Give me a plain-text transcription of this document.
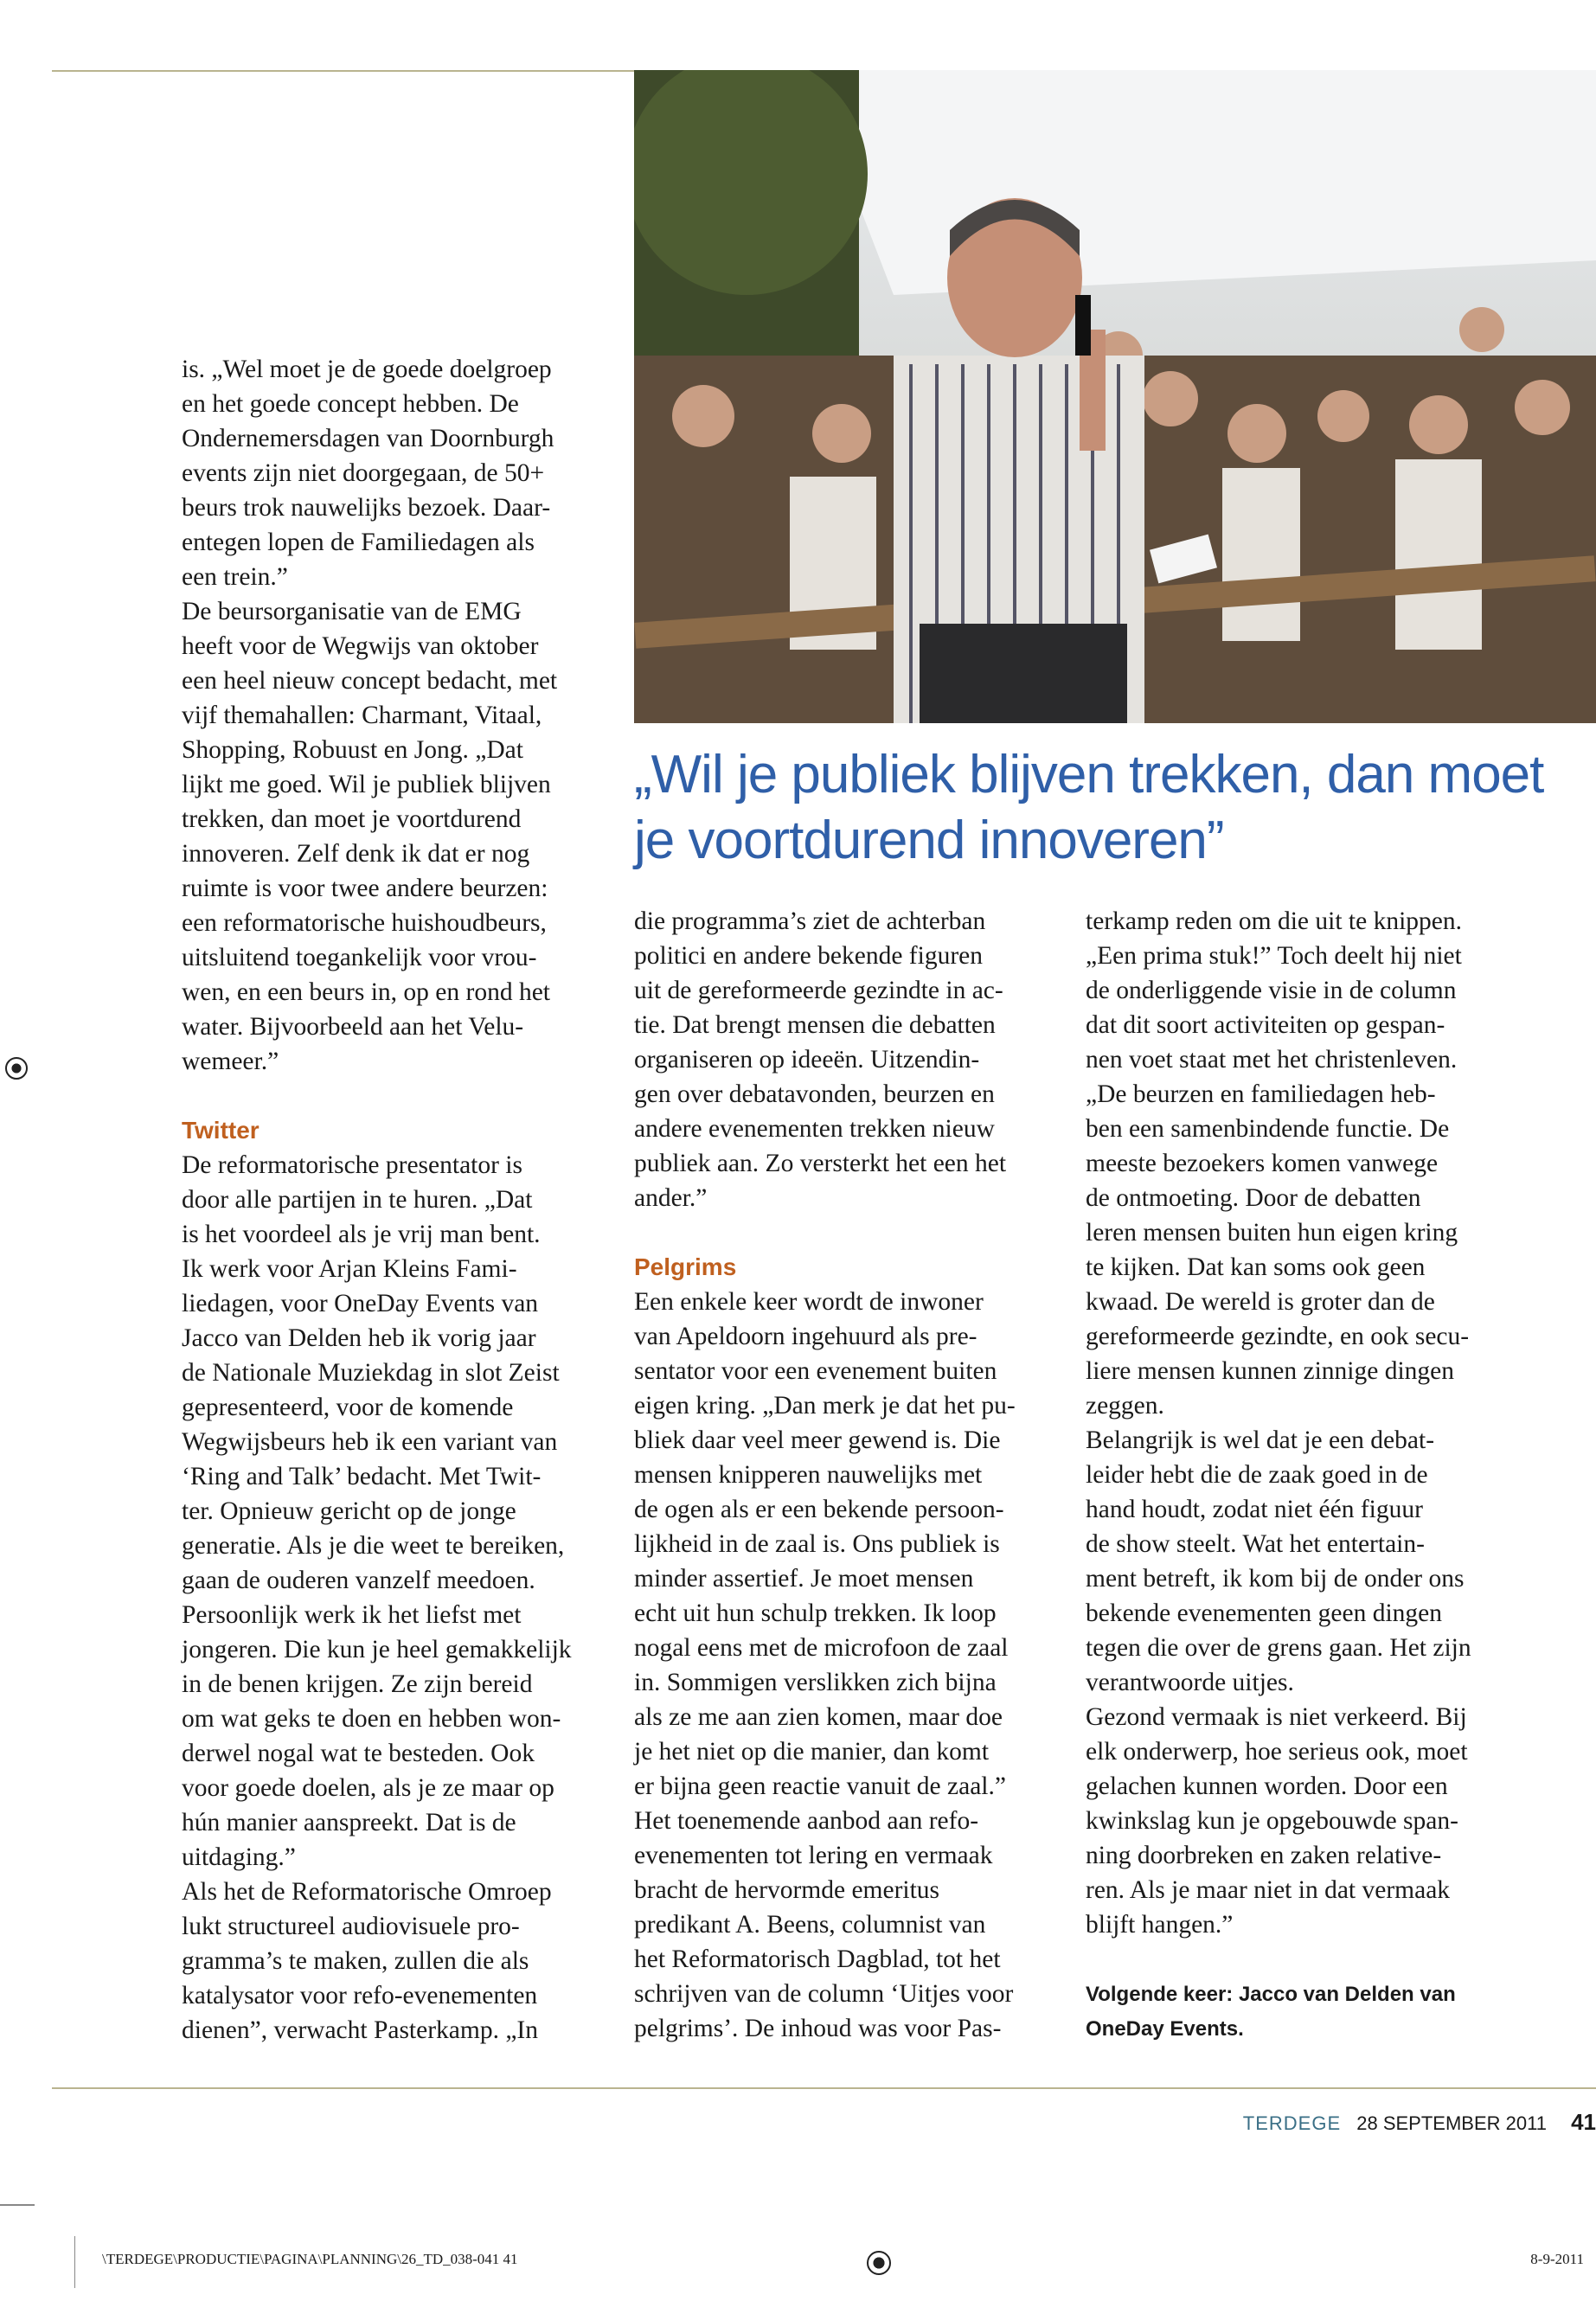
„Wil je publiek blijven trekken, dan moet je voortdurend innoveren”
is. „Wel moet je de goede doelgroep
en het goede concept hebben. De
Ondernemersdagen van Doornburgh
events zijn niet doorgegaan, de 50+
beurs trok nauwelijks bezoek. Daar-
entegen lopen de Familiedagen als
een trein.”
De beursorganisatie van de EMG
heeft voor de Wegwijs van oktober
een heel nieuw concept bedacht, met
vijf themahallen: Charmant, Vitaal,
Shopping, Robuust en Jong. „Dat
lijkt me goed. Wil je publiek blijven
trekken, dan moet je voortdurend
innoveren. Zelf denk ik dat er nog
ruimte is voor twee andere beurzen:
een reformatorische huishoudbeurs,
uitsluitend toegankelijk voor vrou-
wen, en een beurs in, op en rond het
water. Bijvoorbeeld aan het Velu-
wemeer.”
Twitter
De reformatorische presentator is
door alle partijen in te huren. „Dat
is het voordeel als je vrij man bent.
Ik werk voor Arjan Kleins Fami-
liedagen, voor OneDay Events van
Jacco van Delden heb ik vorig jaar
de Nationale Muziekdag in slot Zeist
gepresenteerd, voor de komende
Wegwijsbeurs heb ik een variant van
‘Ring and Talk’ bedacht. Met Twit-
ter. Opnieuw gericht op de jonge
generatie. Als je die weet te bereiken,
gaan de ouderen vanzelf meedoen.
Persoonlijk werk ik het liefst met
jongeren. Die kun je heel gemakkelijk
in de benen krijgen. Ze zijn bereid
om wat geks te doen en hebben won-
derwel nogal wat te besteden. Ook
voor goede doelen, als je ze maar op
hún manier aanspreekt. Dat is de
uitdaging.”
Als het de Reformatorische Omroep
lukt structureel audiovisuele pro-
gramma’s te maken, zullen die als
katalysator voor refo-evenementen
dienen”, verwacht Pasterkamp. „In
die programma’s ziet de achterban
politici en andere bekende figuren
uit de gereformeerde gezindte in ac-
tie. Dat brengt mensen die debatten
organiseren op ideeën. Uitzendin-
gen over debatavonden, beurzen en
andere evenementen trekken nieuw
publiek aan. Zo versterkt het een het
ander.”
Pelgrims
Een enkele keer wordt de inwoner
van Apeldoorn ingehuurd als pre-
sentator voor een evenement buiten
eigen kring. „Dan merk je dat het pu-
bliek daar veel meer gewend is. Die
mensen knipperen nauwelijks met
de ogen als er een bekende persoon-
lijkheid in de zaal is. Ons publiek is
minder assertief. Je moet mensen
echt uit hun schulp trekken. Ik loop
nogal eens met de microfoon de zaal
in. Sommigen verslikken zich bijna
als ze me aan zien komen, maar doe
je het niet op die manier, dan komt
er bijna geen reactie vanuit de zaal.”
Het toenemende aanbod aan refo-
evenementen tot lering en vermaak
bracht de hervormde emeritus
predikant A. Beens, columnist van
het Reformatorisch Dagblad, tot het
schrijven van de column ‘Uitjes voor
pelgrims’. De inhoud was voor Pas-
terkamp reden om die uit te knippen.
„Een prima stuk!” Toch deelt hij niet
de onderliggende visie in de column
dat dit soort activiteiten op gespan-
nen voet staat met het christenleven.
„De beurzen en familiedagen heb-
ben een samenbindende functie. De
meeste bezoekers komen vanwege
de ontmoeting. Door de debatten
leren mensen buiten hun eigen kring
te kijken. Dat kan soms ook geen
kwaad. De wereld is groter dan de
gereformeerde gezindte, en ook secu-
liere mensen kunnen zinnige dingen
zeggen.
Belangrijk is wel dat je een debat-
leider hebt die de zaak goed in de
hand houdt, zodat niet één figuur
de show steelt. Wat het entertain-
ment betreft, ik kom bij de onder ons
bekende evenementen geen dingen
tegen die over de grens gaan. Het zijn
verantwoorde uitjes.
Gezond vermaak is niet verkeerd. Bij
elk onderwerp, hoe serieus ook, moet
gelachen kunnen worden. Door een
kwinkslag kun je opgebouwde span-
ning doorbreken en zaken relative-
ren. Als je maar niet in dat vermaak
blijft hangen.”
Volgende keer: Jacco van Delden van
OneDay Events.
TERDEGE 28 SEPTEMBER 2011 41
\TERDEGE\PRODUCTIE\PAGINA\PLANNING\26_TD_038-041 41	8-9-2011
